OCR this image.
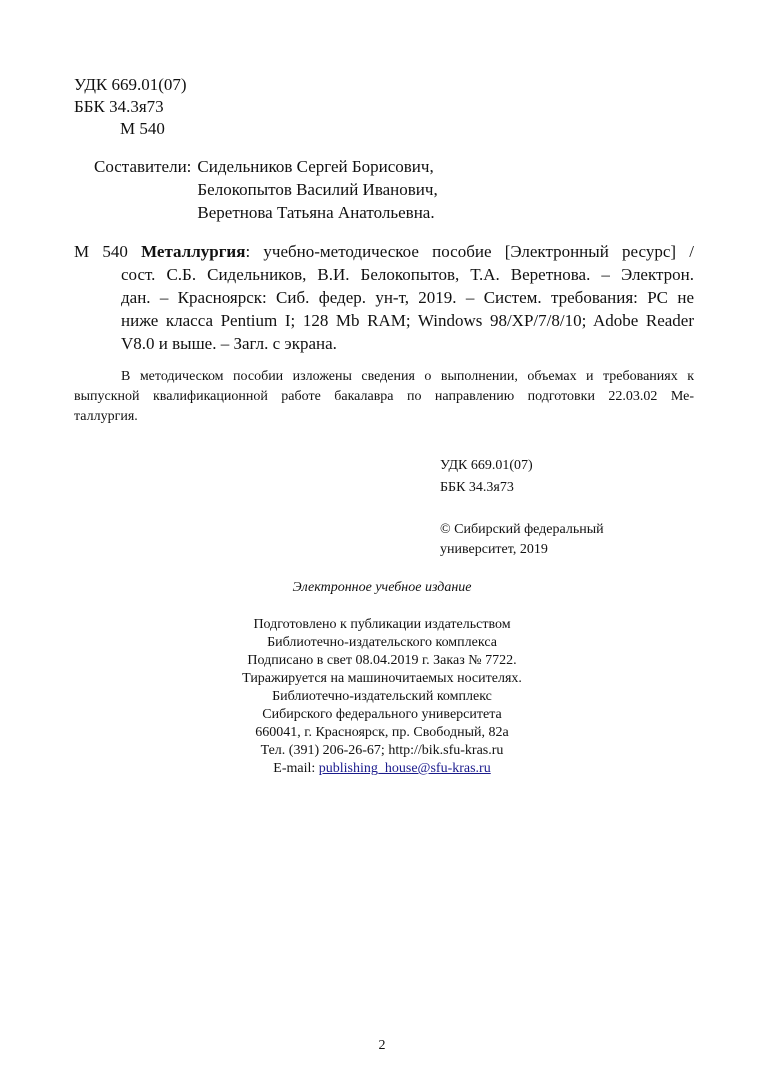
УДК 669.01(07)
ББК 34.3я73
М 540
Составители: Сидельников Сергей Борисович,
Белокопытов Василий Иванович,
Веретнова Татьяна Анатольевна.
М 540 Металлургия: учебно-методическое пособие [Электронный ресурс] /
сост. С.Б. Сидельников, В.И. Белокопытов, Т.А. Веретнова. – Электрон.
дан. – Красноярск: Сиб. федер. ун-т, 2019. – Систем. требования: PC не
ниже класса Pentium I; 128 Mb RAM; Windows 98/XP/7/8/10; Adobe Reader
V8.0 и выше. – Загл. с экрана.
В методическом пособии изложены сведения о выполнении, объемах и требованиях к
выпускной квалификационной работе бакалавра по направлению подготовки 22.03.02 Ме-
таллургия.
УДК 669.01(07)
ББК 34.3я73
© Сибирский федеральный
университет, 2019
Электронное учебное издание
Подготовлено к публикации издательством
Библиотечно-издательского комплекса
Подписано в свет 08.04.2019 г. Заказ № 7722.
Тиражируется на машиночитаемых носителях.
Библиотечно-издательский комплекс
Сибирского федерального университета
660041, г. Красноярск, пр. Свободный, 82а
Тел. (391) 206-26-67; http://bik.sfu-kras.ru
E-mail: publishing_house@sfu-kras.ru
2
